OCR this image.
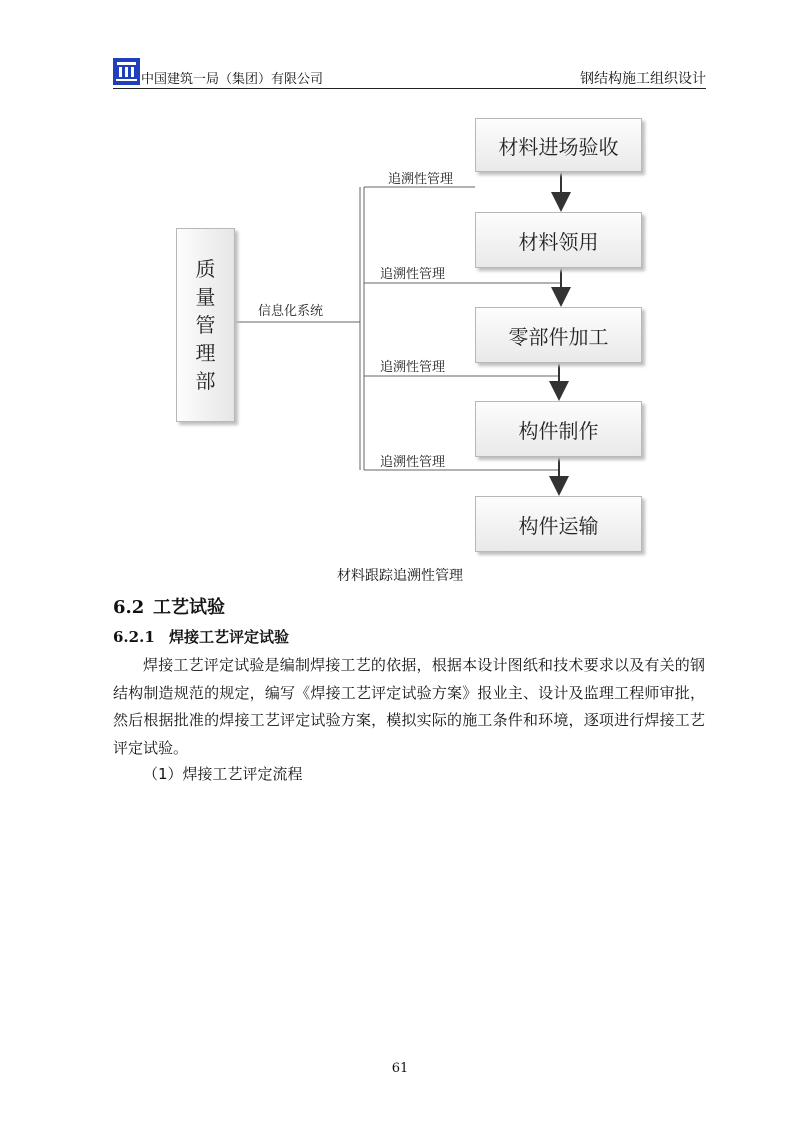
中国建筑一局（集团）有限公司	钢结构施工组织设计
质
量
管
理
部
信息化系统
追溯性管理
追溯性管理
追溯性管理
追溯性管理
材料进场验收
材料领用
零部件加工
构件制作
构件运输
材料跟踪追溯性管理
6.2 工艺试验
6.2.1 焊接工艺评定试验

焊接工艺评定试验是编制焊接工艺的依据，根据本设计图纸和技术要求以及有关的钢结构制造规范的规定，编写《焊接工艺评定试验方案》报业主、设计及监理工程师审批，然后根据批准的焊接工艺评定试验方案，模拟实际的施工条件和环境，逐项进行焊接工艺评定试验。

（1）焊接工艺评定流程
61
